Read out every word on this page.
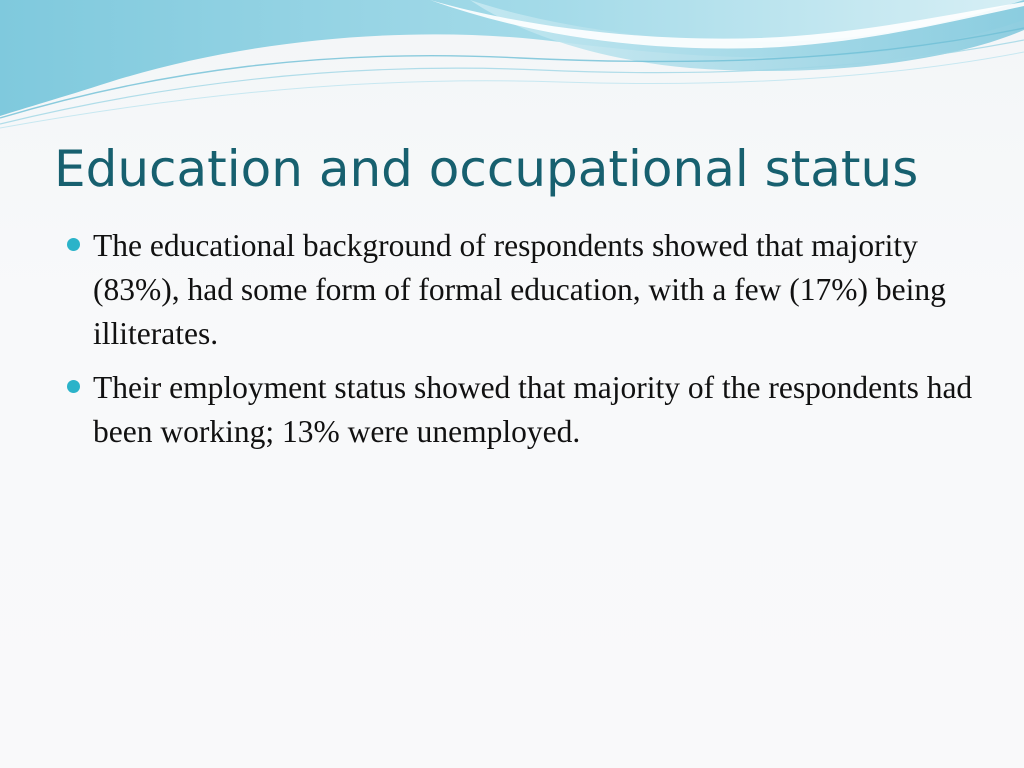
Education and occupational status
The educational background of respondents showed that majority (83%), had some form of formal education, with a few (17%) being illiterates.
Their employment status showed that majority of the respondents had been working; 13% were unemployed.
